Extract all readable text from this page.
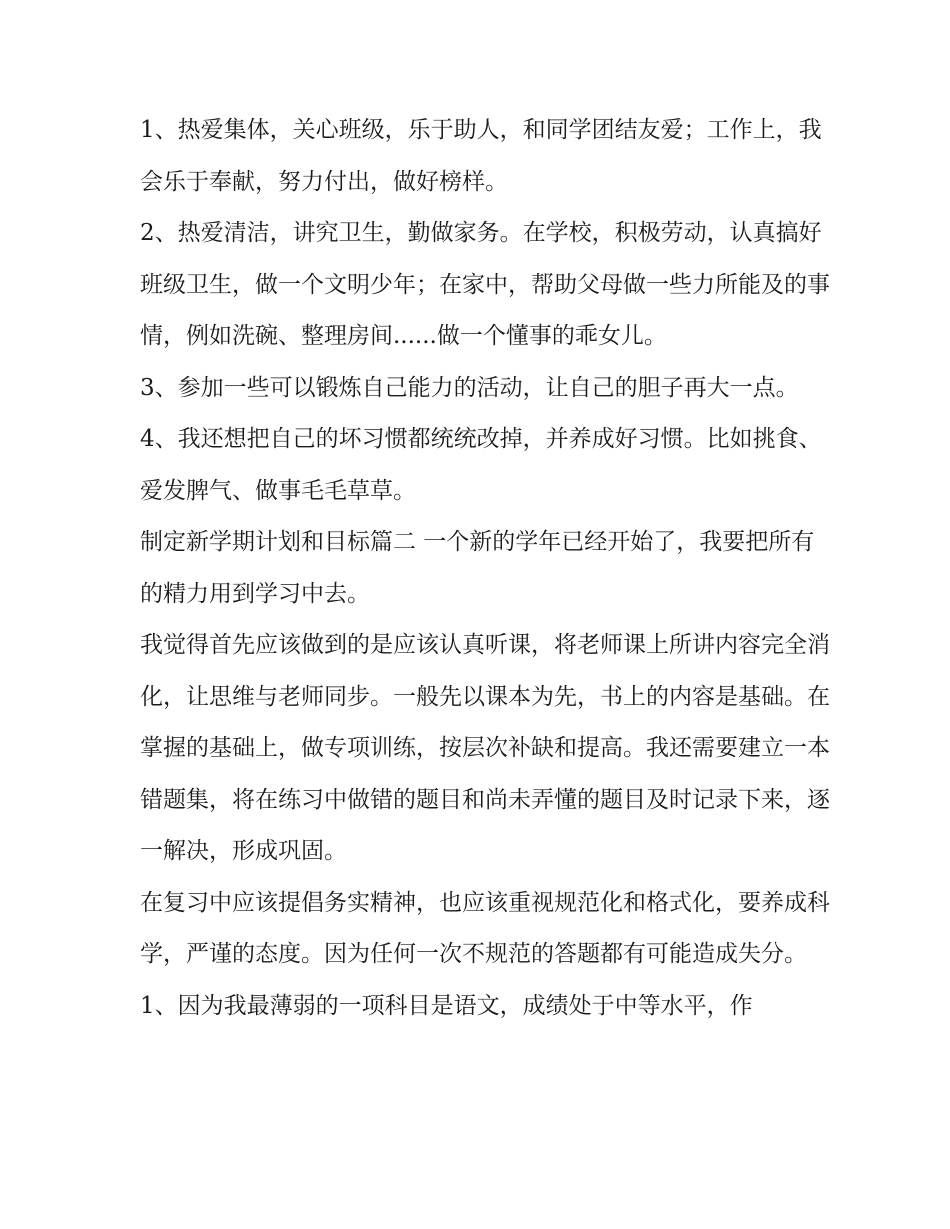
1、热爱集体，关心班级，乐于助人，和同学团结友爱；工作上，我会乐于奉献，努力付出，做好榜样。

2、热爱清洁，讲究卫生，勤做家务。在学校，积极劳动，认真搞好班级卫生，做一个文明少年；在家中，帮助父母做一些力所能及的事情，例如洗碗、整理房间......做一个懂事的乖女儿。

3、参加一些可以锻炼自己能力的活动，让自己的胆子再大一点。 4、我还想把自己的坏习惯都统统改掉，并养成好习惯。比如挑食、爱发脾气、做事毛毛草草。

制定新学期计划和目标篇二 一个新的学年已经开始了，我要把所有的精力用到学习中去。

我觉得首先应该做到的是应该认真听课，将老师课上所讲内容完全消化，让思维与老师同步。一般先以课本为先，书上的内容是基础。在掌握的基础上，做专项训练，按层次补缺和提高。我还需要建立一本错题集，将在练习中做错的题目和尚未弄懂的题目及时记录下来，逐一解决，形成巩固。

在复习中应该提倡务实精神，也应该重视规范化和格式化，要养成科学，严谨的态度。因为任何一次不规范的答题都有可能造成失分。

1、因为我最薄弱的一项科目是语文，成绩处于中等水平，作
